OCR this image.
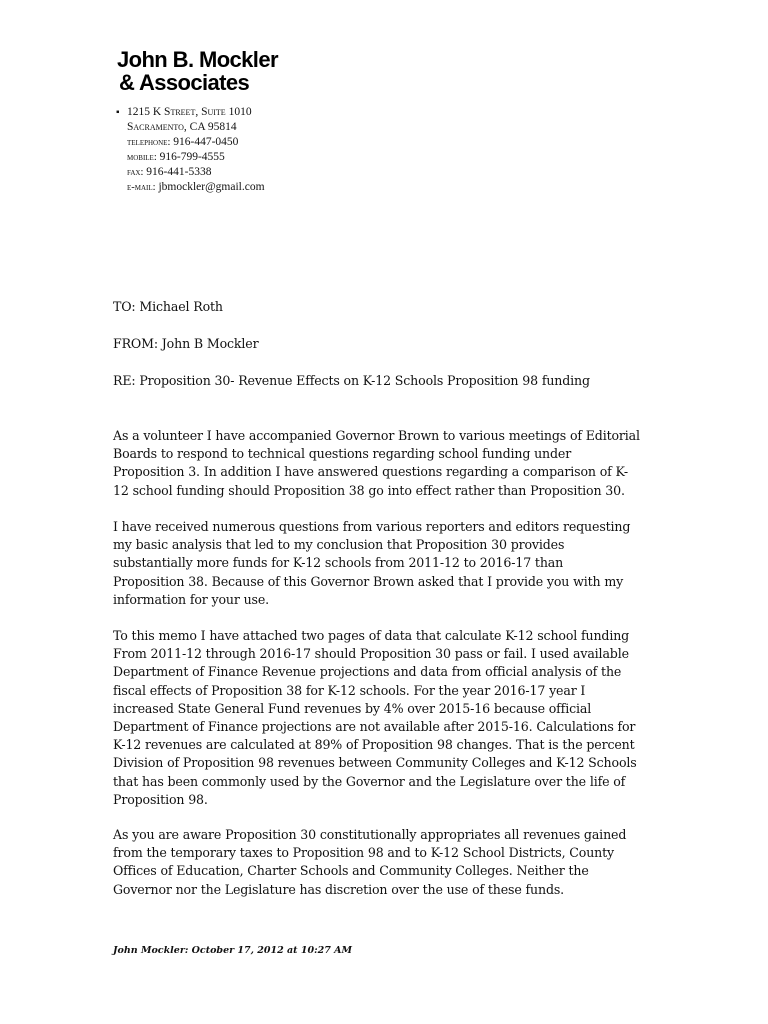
John B. Mockler
& Associates
▪ 1215 K Street, Suite 1010
Sacramento, CA 95814
telephone: 916-447-0450
mobile: 916-799-4555
fax: 916-441-5338
e-mail: jbmockler@gmail.com
TO: Michael Roth
FROM: John B Mockler
RE: Proposition 30- Revenue Effects on K-12 Schools Proposition 98 funding
As a volunteer I have accompanied Governor Brown to various meetings of Editorial
Boards to respond to technical questions regarding school funding under
Proposition 3. In addition I have answered questions regarding a comparison of K-
12 school funding should Proposition 38 go into effect rather than Proposition 30.
I have received numerous questions from various reporters and editors requesting
my basic analysis that led to my conclusion that Proposition 30 provides
substantially more funds for K-12 schools from 2011-12 to 2016-17 than
Proposition 38. Because of this Governor Brown asked that I provide you with my
information for your use.
To this memo I have attached two pages of data that calculate K-12 school funding
From 2011-12 through 2016-17 should Proposition 30 pass or fail. I used available
Department of Finance Revenue projections and data from official analysis of the
fiscal effects of Proposition 38 for K-12 schools. For the year 2016-17 year I
increased State General Fund revenues by 4% over 2015-16 because official
Department of Finance projections are not available after 2015-16. Calculations for
K-12 revenues are calculated at 89% of Proposition 98 changes. That is the percent
Division of Proposition 98 revenues between Community Colleges and K-12 Schools
that has been commonly used by the Governor and the Legislature over the life of
Proposition 98.
As you are aware Proposition 30 constitutionally appropriates all revenues gained
from the temporary taxes to Proposition 98 and to K-12 School Districts, County
Offices of Education, Charter Schools and Community Colleges. Neither the
Governor nor the Legislature has discretion over the use of these funds.
John Mockler: October 17, 2012 at 10:27 AM
